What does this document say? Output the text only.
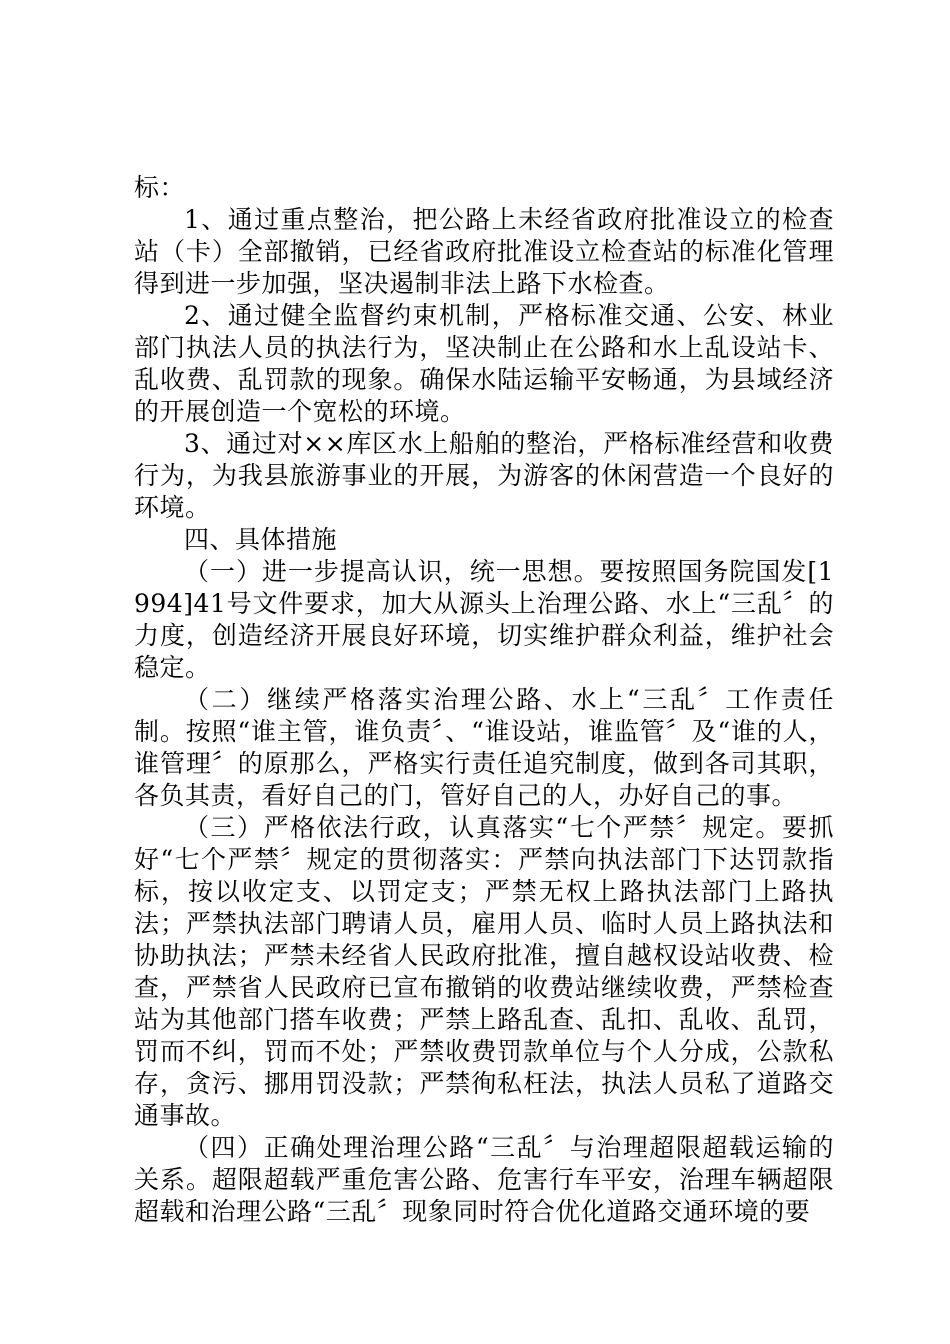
标：

1、通过重点整治，把公路上未经省政府批准设立的检查站（卡）全部撤销，已经省政府批准设立检查站的标准化管理得到进一步加强，坚决遏制非法上路下水检查。

2、通过健全监督约束机制，严格标准交通、公安、林业部门执法人员的执法行为，坚决制止在公路和水上乱设站卡、乱收费、乱罚款的现象。确保水陆运输平安畅通，为县域经济的开展创造一个宽松的环境。

3、通过对××库区水上船舶的整治，严格标准经营和收费行为，为我县旅游事业的开展，为游客的休闲营造一个良好的环境。

四、具体措施

（一）进一步提高认识，统一思想。要按照国务院国发[1994]41号文件要求，加大从源头上治理公路、水上“三乱〞的力度，创造经济开展良好环境，切实维护群众利益，维护社会稳定。

（二）继续严格落实治理公路、水上“三乱〞工作责任制。按照“谁主管，谁负责〞、“谁设站，谁监管〞及“谁的人，谁管理〞的原那么，严格实行责任追究制度，做到各司其职，各负其责，看好自己的门，管好自己的人，办好自己的事。

（三）严格依法行政，认真落实“七个严禁〞规定。要抓好“七个严禁〞规定的贯彻落实：严禁向执法部门下达罚款指标，按以收定支、以罚定支；严禁无权上路执法部门上路执法；严禁执法部门聘请人员，雇用人员、临时人员上路执法和协助执法；严禁未经省人民政府批准，擅自越权设站收费、检查，严禁省人民政府已宣布撤销的收费站继续收费，严禁检查站为其他部门搭车收费；严禁上路乱查、乱扣、乱收、乱罚，罚而不纠，罚而不处；严禁收费罚款单位与个人分成，公款私存，贪污、挪用罚没款；严禁徇私枉法，执法人员私了道路交通事故。

（四）正确处理治理公路“三乱〞与治理超限超载运输的关系。超限超载严重危害公路、危害行车平安，治理车辆超限超载和治理公路“三乱〞现象同时符合优化道路交通环境的要
